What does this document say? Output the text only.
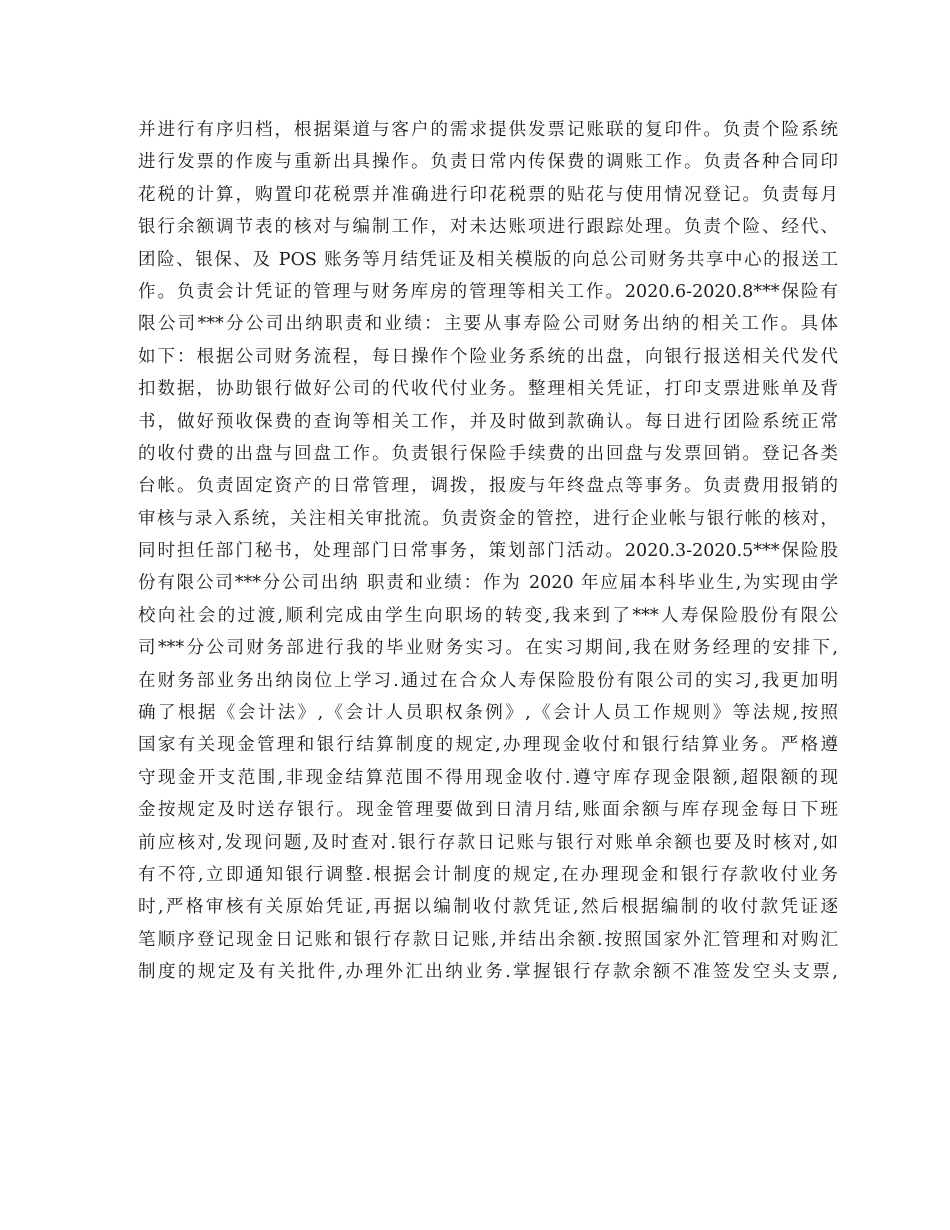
并进行有序归档，根据渠道与客户的需求提供发票记账联的复印件。负责个险系统
进行发票的作废与重新出具操作。负责日常内传保费的调账工作。负责各种合同印
花税的计算，购置印花税票并准确进行印花税票的贴花与使用情况登记。负责每月
银行余额调节表的核对与编制工作，对未达账项进行跟踪处理。负责个险、经代、
团险、银保、及 POS 账务等月结凭证及相关模版的向总公司财务共享中心的报送工
作。负责会计凭证的管理与财务库房的管理等相关工作。2020.6-2020.8***保险有
限公司***分公司出纳职责和业绩：主要从事寿险公司财务出纳的相关工作。具体
如下：根据公司财务流程，每日操作个险业务系统的出盘，向银行报送相关代发代
扣数据，协助银行做好公司的代收代付业务。整理相关凭证，打印支票进账单及背
书，做好预收保费的查询等相关工作，并及时做到款确认。每日进行团险系统正常
的收付费的出盘与回盘工作。负责银行保险手续费的出回盘与发票回销。登记各类
台帐。负责固定资产的日常管理，调拨，报废与年终盘点等事务。负责费用报销的
审核与录入系统，关注相关审批流。负责资金的管控，进行企业帐与银行帐的核对，
同时担任部门秘书，处理部门日常事务，策划部门活动。2020.3-2020.5***保险股
份有限公司***分公司出纳 职责和业绩：作为 2020 年应届本科毕业生,为实现由学
校向社会的过渡,顺利完成由学生向职场的转变,我来到了***人寿保险股份有限公
司***分公司财务部进行我的毕业财务实习。在实习期间,我在财务经理的安排下,
在财务部业务出纳岗位上学习.通过在合众人寿保险股份有限公司的实习,我更加明
确了根据《会计法》,《会计人员职权条例》,《会计人员工作规则》等法规,按照
国家有关现金管理和银行结算制度的规定,办理现金收付和银行结算业务。严格遵
守现金开支范围,非现金结算范围不得用现金收付.遵守库存现金限额,超限额的现
金按规定及时送存银行。现金管理要做到日清月结,账面余额与库存现金每日下班
前应核对,发现问题,及时查对.银行存款日记账与银行对账单余额也要及时核对,如
有不符,立即通知银行调整.根据会计制度的规定,在办理现金和银行存款收付业务
时,严格审核有关原始凭证,再据以编制收付款凭证,然后根据编制的收付款凭证逐
笔顺序登记现金日记账和银行存款日记账,并结出余额.按照国家外汇管理和对购汇
制度的规定及有关批件,办理外汇出纳业务.掌握银行存款余额不准签发空头支票,
